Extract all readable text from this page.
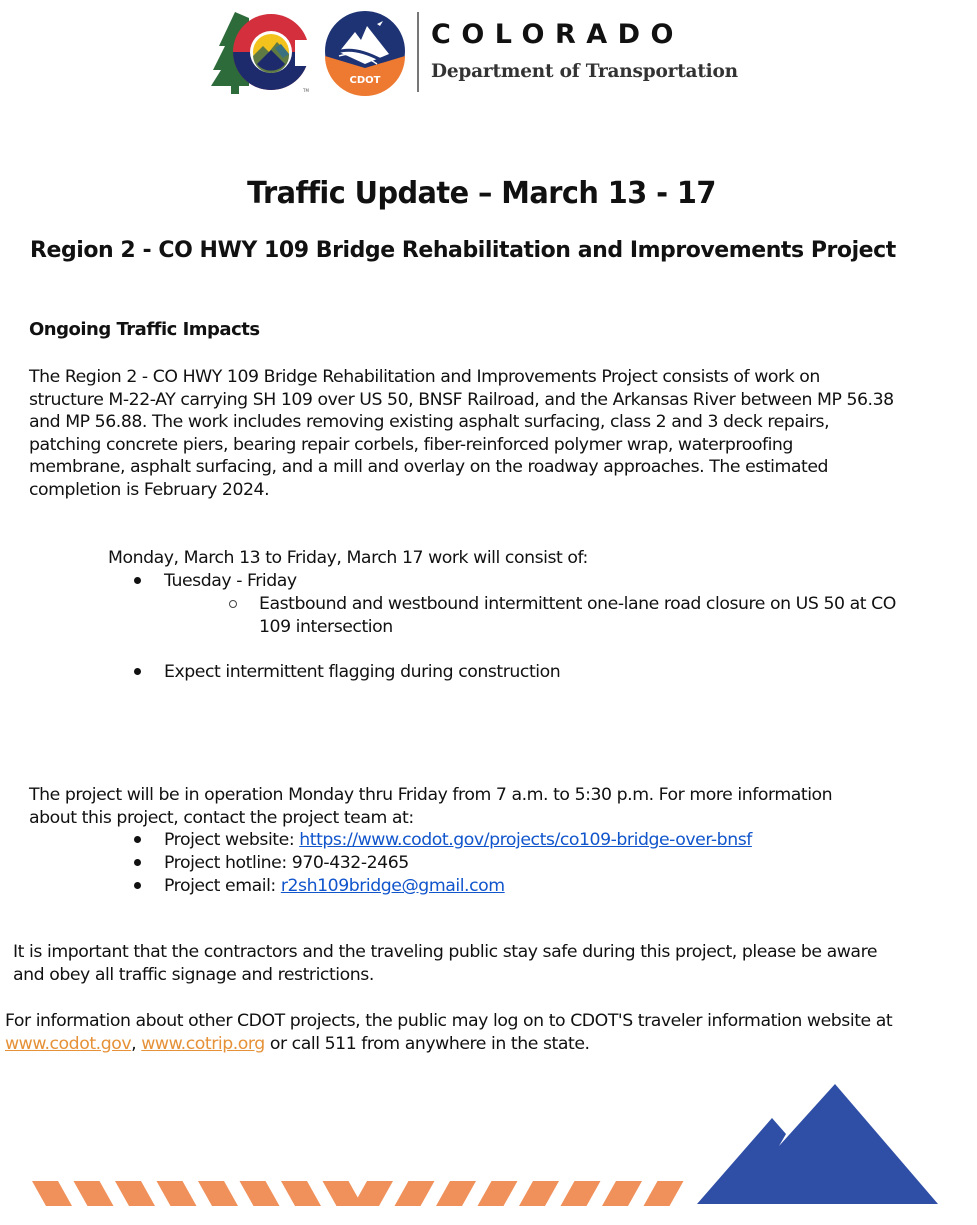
TM
CDOT
COLORADO
Department of Transportation
Traffic Update – March 13 - 17
Region 2 - CO HWY 109 Bridge Rehabilitation and Improvements Project
Ongoing Traffic Impacts
The Region 2 - CO HWY 109 Bridge Rehabilitation and Improvements Project consists of work on
structure M-22-AY carrying SH 109 over US 50, BNSF Railroad, and the Arkansas River between MP 56.38
and MP 56.88. The work includes removing existing asphalt surfacing, class 2 and 3 deck repairs,
patching concrete piers, bearing repair corbels, fiber-reinforced polymer wrap, waterproofing
membrane, asphalt surfacing, and a mill and overlay on the roadway approaches. The estimated
completion is February 2024.
Monday, March 13 to Friday, March 17 work will consist of:
Tuesday - Friday
Eastbound and westbound intermittent one-lane road closure on US 50 at CO
109 intersection
Expect intermittent flagging during construction
The project will be in operation Monday thru Friday from 7 a.m. to 5:30 p.m. For more information
about this project, contact the project team at:
Project website: https://www.codot.gov/projects/co109-bridge-over-bnsf
Project hotline: 970-432-2465
Project email: r2sh109bridge@gmail.com
It is important that the contractors and the traveling public stay safe during this project, please be aware
and obey all traffic signage and restrictions.
For information about other CDOT projects, the public may log on to CDOT'S traveler information website at
www.codot.gov, www.cotrip.org or call 511 from anywhere in the state.
